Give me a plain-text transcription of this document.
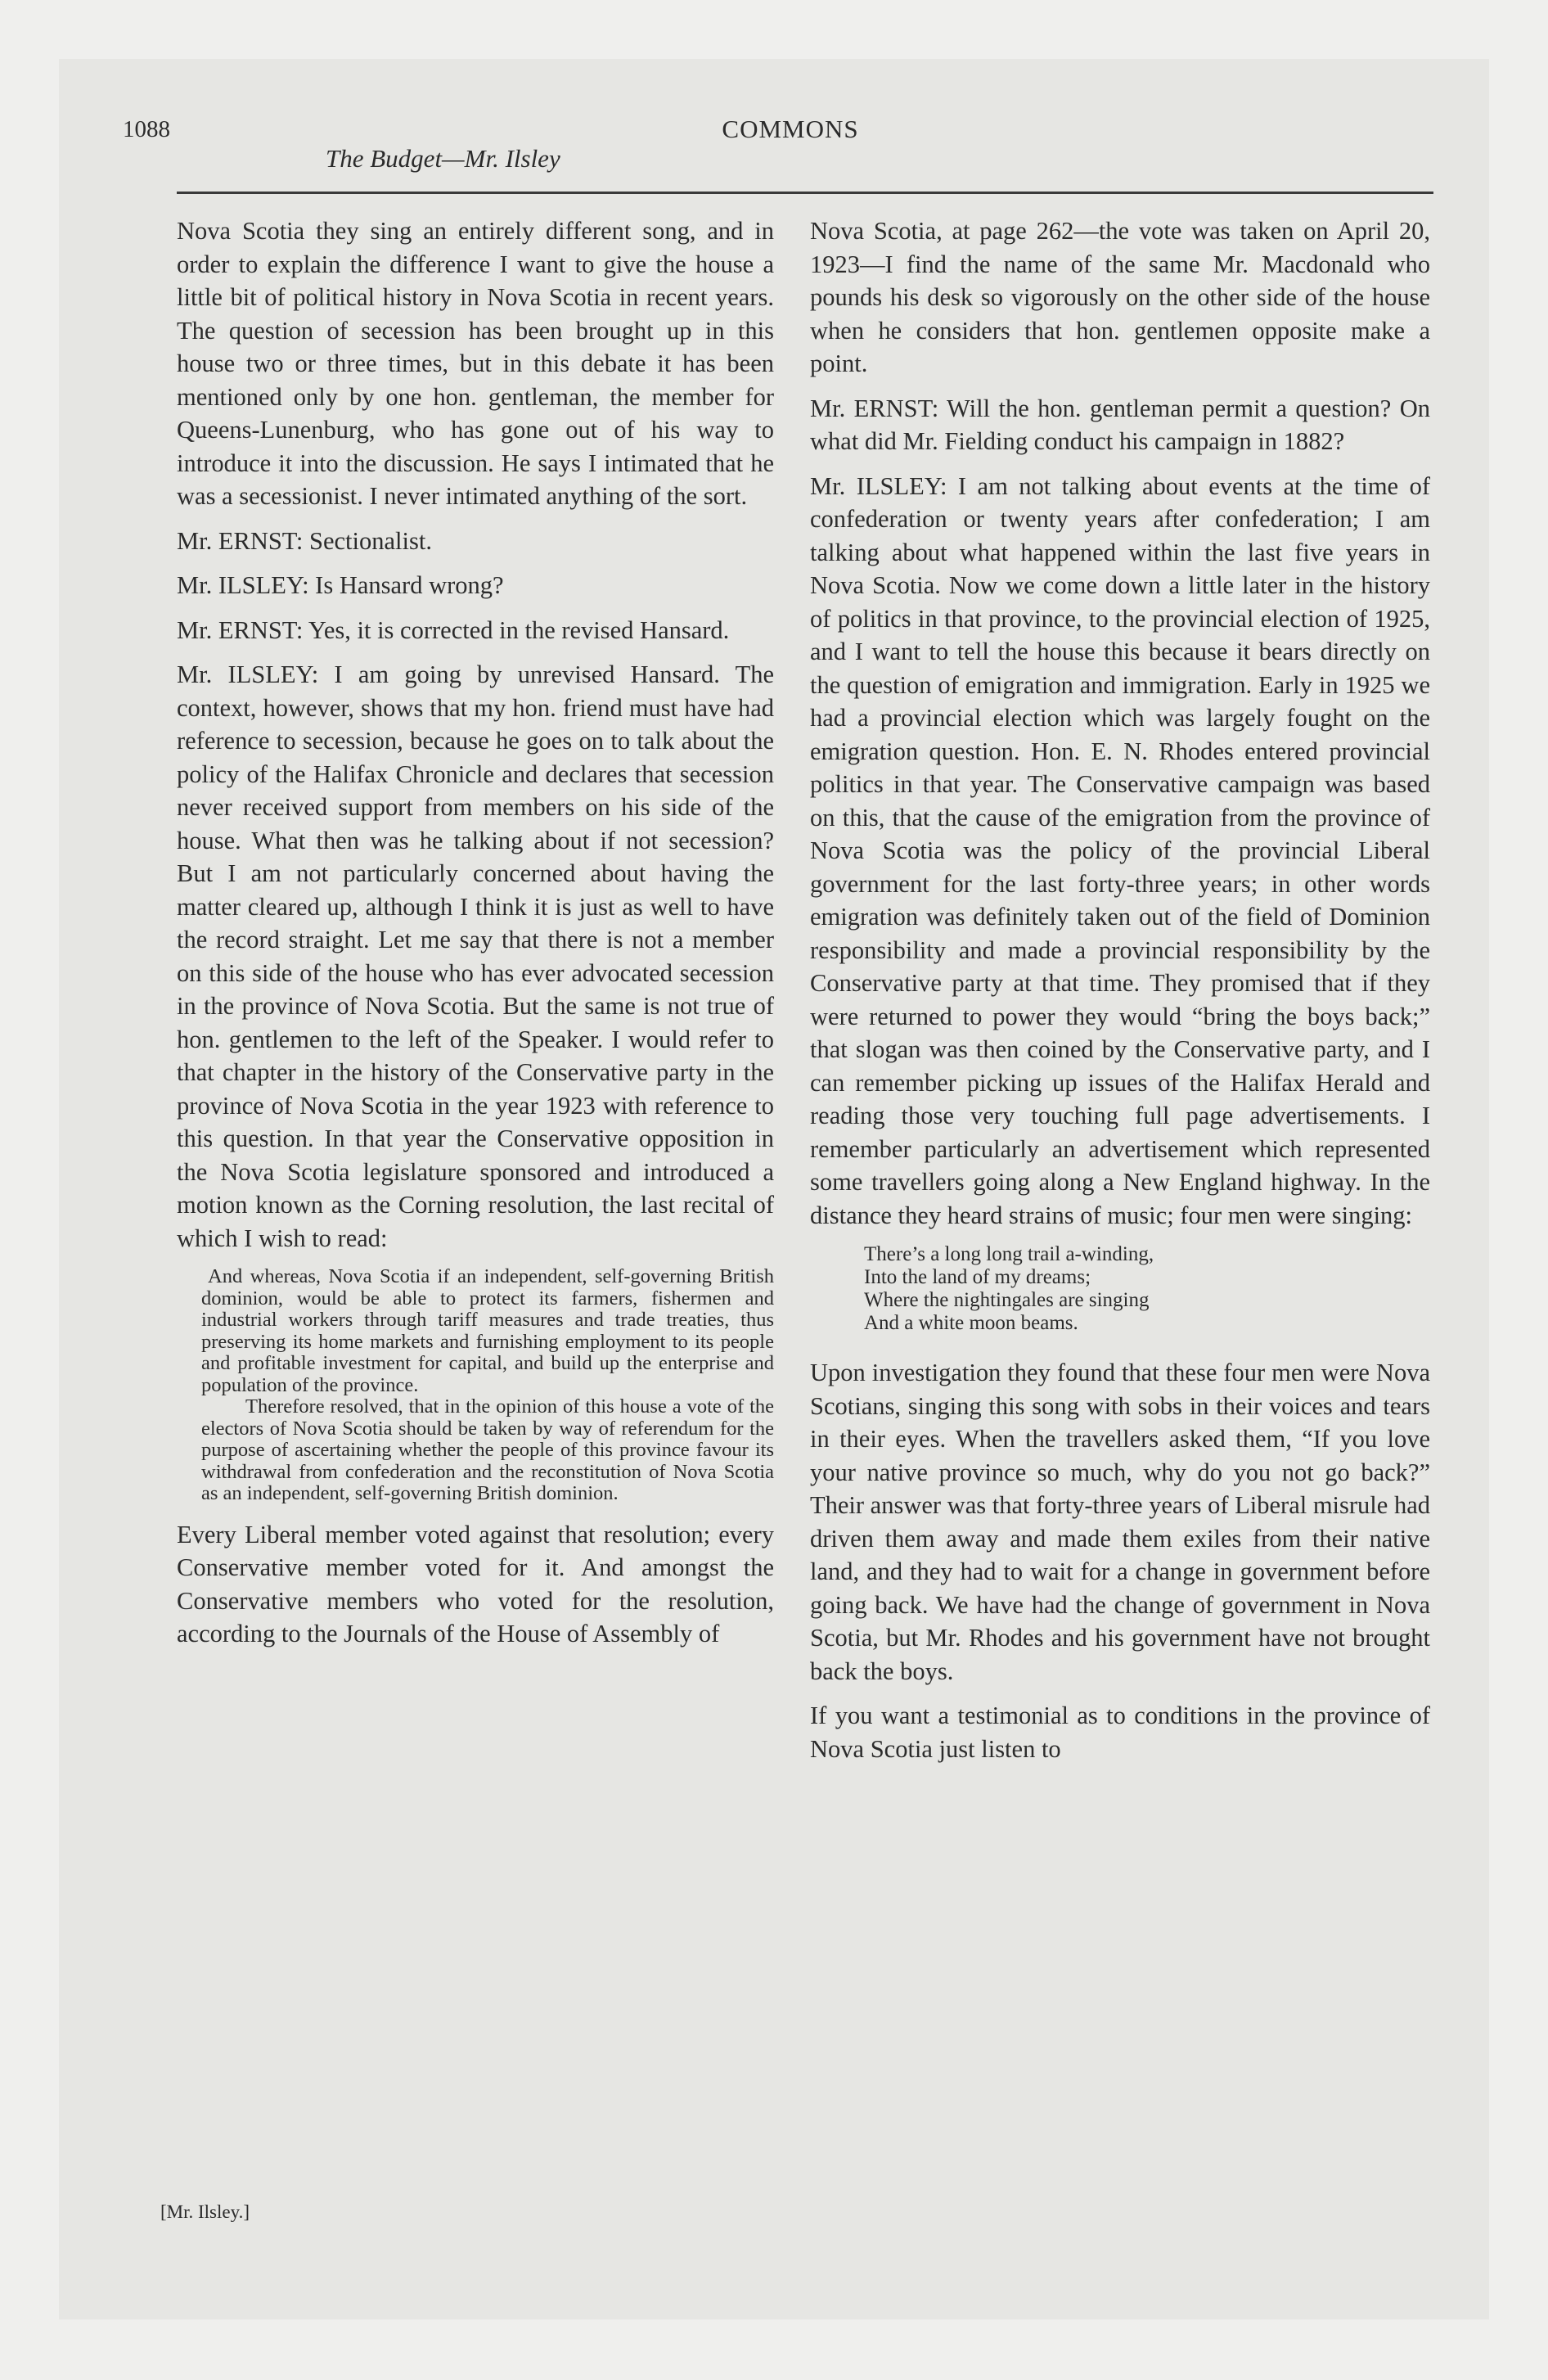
1088	COMMONS
The Budget—Mr. Ilsley

Nova Scotia they sing an entirely different song, and in order to explain the difference I want to give the house a little bit of political history in Nova Scotia in recent years. The question of secession has been brought up in this house two or three times, but in this debate it has been mentioned only by one hon. gentleman, the member for Queens-Lunenburg, who has gone out of his way to introduce it into the discussion. He says I intimated that he was a secessionist. I never intimated anything of the sort.

Mr. ERNST: Sectionalist.

Mr. ILSLEY: Is Hansard wrong?

Mr. ERNST: Yes, it is corrected in the revised Hansard.

Mr. ILSLEY: I am going by unrevised Hansard. The context, however, shows that my hon. friend must have had reference to secession, because he goes on to talk about the policy of the Halifax Chronicle and declares that secession never received support from members on his side of the house. What then was he talking about if not secession? But I am not particularly concerned about having the matter cleared up, although I think it is just as well to have the record straight. Let me say that there is not a member on this side of the house who has ever advocated secession in the province of Nova Scotia. But the same is not true of hon. gentlemen to the left of the Speaker. I would refer to that chapter in the history of the Conservative party in the province of Nova Scotia in the year 1923 with reference to this question. In that year the Conservative opposition in the Nova Scotia legislature sponsored and introduced a motion known as the Corning resolution, the last recital of which I wish to read:

And whereas, Nova Scotia if an independent, self-governing British dominion, would be able to protect its farmers, fishermen and industrial workers through tariff measures and trade treaties, thus preserving its home markets and furnishing employment to its people and profitable investment for capital, and build up the enterprise and population of the province.

Therefore resolved, that in the opinion of this house a vote of the electors of Nova Scotia should be taken by way of referendum for the purpose of ascertaining whether the people of this province favour its withdrawal from confederation and the reconstitution of Nova Scotia as an independent, self-governing British dominion.

Every Liberal member voted against that resolution; every Conservative member voted for it. And amongst the Conservative members who voted for the resolution, according to the Journals of the House of Assembly of

Nova Scotia, at page 262—the vote was taken on April 20, 1923—I find the name of the same Mr. Macdonald who pounds his desk so vigorously on the other side of the house when he considers that hon. gentlemen opposite make a point.

Mr. ERNST: Will the hon. gentleman permit a question? On what did Mr. Fielding conduct his campaign in 1882?

Mr. ILSLEY: I am not talking about events at the time of confederation or twenty years after confederation; I am talking about what happened within the last five years in Nova Scotia. Now we come down a little later in the history of politics in that province, to the provincial election of 1925, and I want to tell the house this because it bears directly on the question of emigration and immigration. Early in 1925 we had a provincial election which was largely fought on the emigration question. Hon. E. N. Rhodes entered provincial politics in that year. The Conservative campaign was based on this, that the cause of the emigration from the province of Nova Scotia was the policy of the provincial Liberal government for the last forty-three years; in other words emigration was definitely taken out of the field of Dominion responsibility and made a provincial responsibility by the Conservative party at that time. They promised that if they were returned to power they would “bring the boys back;” that slogan was then coined by the Conservative party, and I can remember picking up issues of the Halifax Herald and reading those very touching full page advertisements. I remember particularly an advertisement which represented some travellers going along a New England highway. In the distance they heard strains of music; four men were singing:

There’s a long long trail a-winding,
Into the land of my dreams;
Where the nightingales are singing
And a white moon beams.

Upon investigation they found that these four men were Nova Scotians, singing this song with sobs in their voices and tears in their eyes. When the travellers asked them, “If you love your native province so much, why do you not go back?” Their answer was that forty-three years of Liberal misrule had driven them away and made them exiles from their native land, and they had to wait for a change in government before going back. We have had the change of government in Nova Scotia, but Mr. Rhodes and his government have not brought back the boys.

If you want a testimonial as to conditions in the province of Nova Scotia just listen to

[Mr. Ilsley.]
